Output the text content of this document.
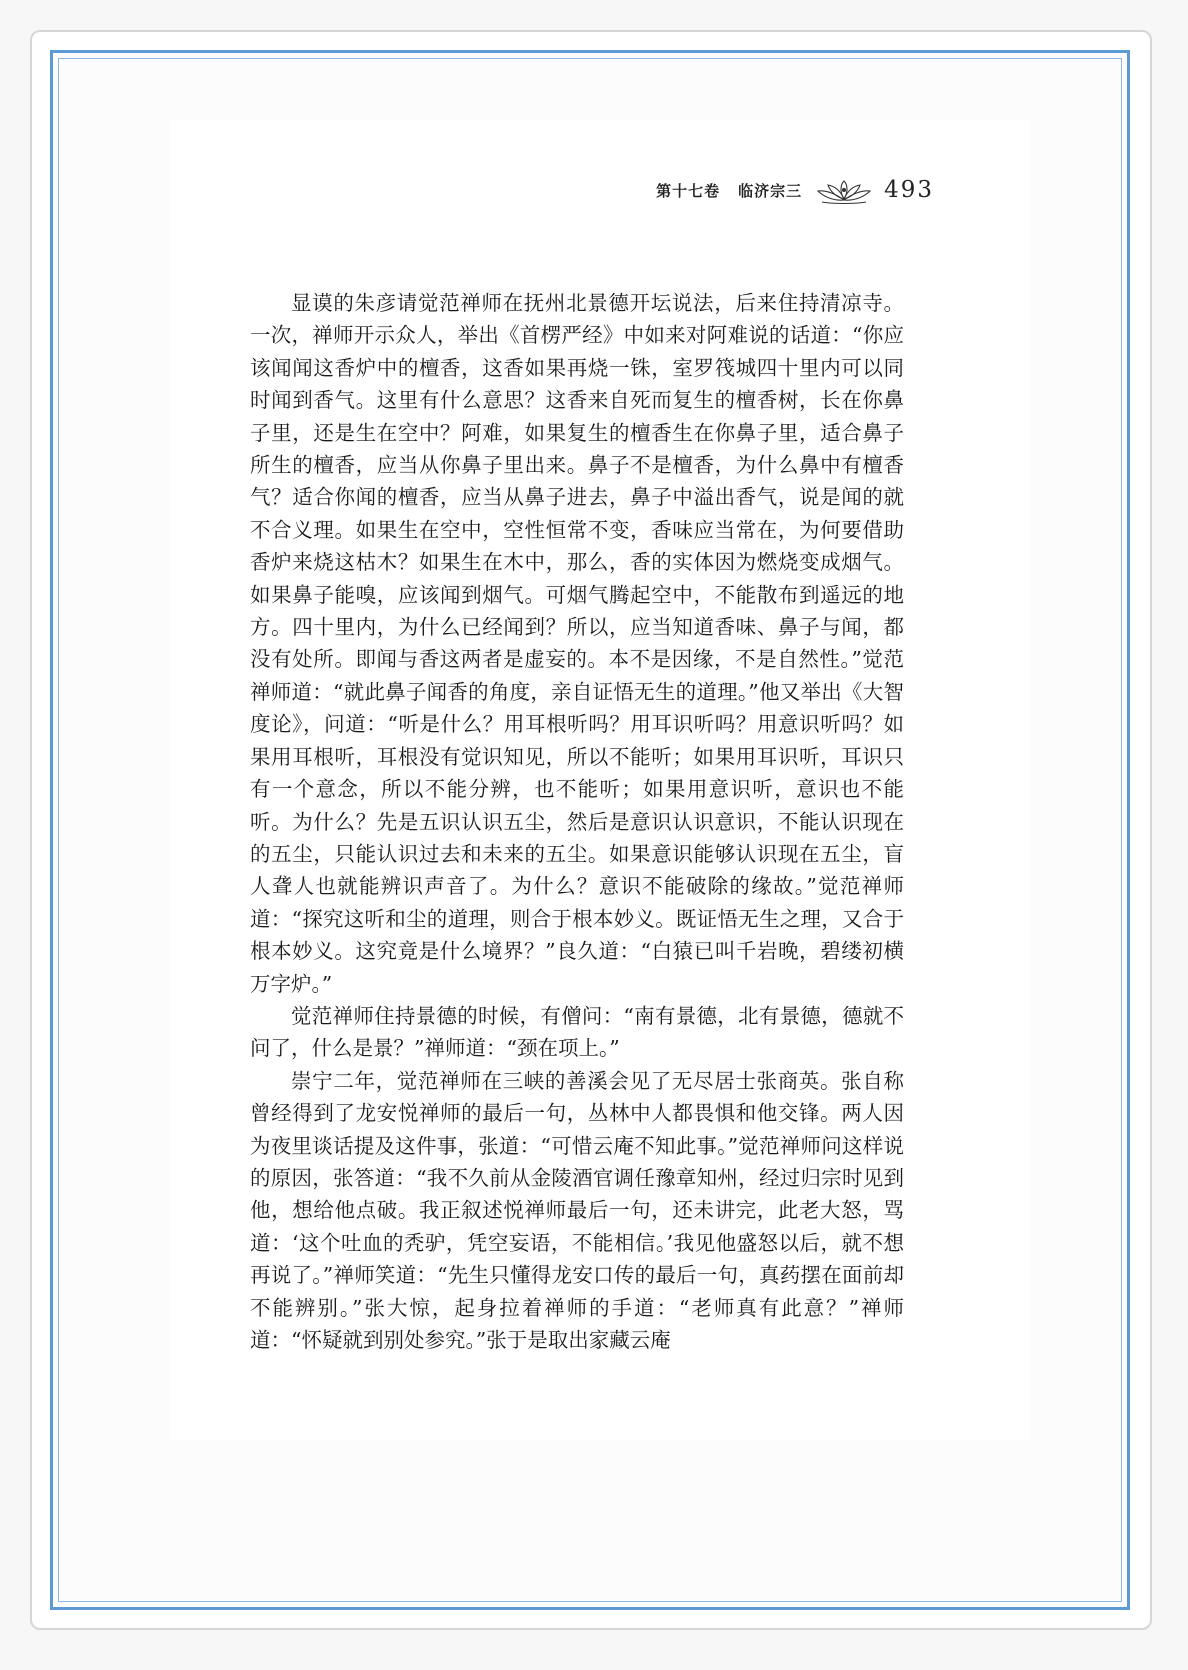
第十七卷 临济宗三	493

显谟的朱彦请觉范禅师在抚州北景德开坛说法，后来住持清凉寺。一次，禅师开示众人，举出《首楞严经》中如来对阿难说的话道：“你应该闻闻这香炉中的檀香，这香如果再烧一铢，室罗筏城四十里内可以同时闻到香气。这里有什么意思？这香来自死而复生的檀香树，长在你鼻子里，还是生在空中？阿难，如果复生的檀香生在你鼻子里，适合鼻子所生的檀香，应当从你鼻子里出来。鼻子不是檀香，为什么鼻中有檀香气？适合你闻的檀香，应当从鼻子进去，鼻子中溢出香气，说是闻的就不合义理。如果生在空中，空性恒常不变，香味应当常在，为何要借助香炉来烧这枯木？如果生在木中，那么，香的实体因为燃烧变成烟气。如果鼻子能嗅，应该闻到烟气。可烟气腾起空中，不能散布到遥远的地方。四十里内，为什么已经闻到？所以，应当知道香味、鼻子与闻，都没有处所。即闻与香这两者是虚妄的。本不是因缘，不是自然性。”觉范禅师道：“就此鼻子闻香的角度，亲自证悟无生的道理。”他又举出《大智度论》，问道：“听是什么？用耳根听吗？用耳识听吗？用意识听吗？如果用耳根听，耳根没有觉识知见，所以不能听；如果用耳识听，耳识只有一个意念，所以不能分辨，也不能听；如果用意识听，意识也不能听。为什么？先是五识认识五尘，然后是意识认识意识，不能认识现在的五尘，只能认识过去和未来的五尘。如果意识能够认识现在五尘，盲人聋人也就能辨识声音了。为什么？意识不能破除的缘故。”觉范禅师道：“探究这听和尘的道理，则合于根本妙义。既证悟无生之理，又合于根本妙义。这究竟是什么境界？”良久道：“白猿已叫千岩晚，碧缕初横万字炉。”

觉范禅师住持景德的时候，有僧问：“南有景德，北有景德，德就不问了，什么是景？”禅师道：“颈在项上。”

崇宁二年，觉范禅师在三峡的善溪会见了无尽居士张商英。张自称曾经得到了龙安悦禅师的最后一句，丛林中人都畏惧和他交锋。两人因为夜里谈话提及这件事，张道：“可惜云庵不知此事。”觉范禅师问这样说的原因，张答道：“我不久前从金陵酒官调任豫章知州，经过归宗时见到他，想给他点破。我正叙述悦禅师最后一句，还未讲完，此老大怒，骂道：‘这个吐血的秃驴，凭空妄语，不能相信。’我见他盛怒以后，就不想再说了。”禅师笑道：“先生只懂得龙安口传的最后一句，真药摆在面前却不能辨别。”张大惊，起身拉着禅师的手道：“老师真有此意？”禅师道：“怀疑就到别处参究。”张于是取出家藏云庵
